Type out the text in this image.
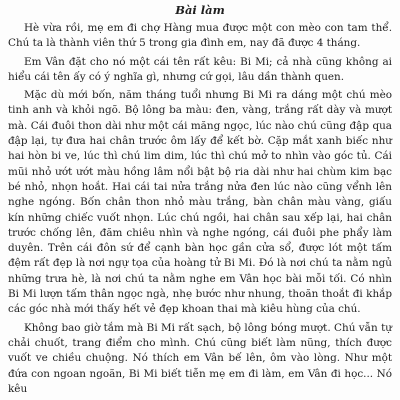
Bài làm

Hè vừa rồi, mẹ em đi chợ Hàng mua được một con mèo con tam thể. Chú ta là thành viên thứ 5 trong gia đình em, nay đã được 4 tháng.

Em Vân đặt cho nó một cái tên rất kêu: Bi Mi; cả nhà cũng không ai hiểu cái tên ấy có ý nghĩa gì, nhưng cứ gọi, lâu dần thành quen.

Mặc dù mới bốn, năm tháng tuổi nhưng Bi Mi ra dáng một chú mèo tinh anh và khỏi ngõ. Bộ lông ba màu: đen, vàng, trắng rất dày và mượt mà. Cái đuôi thon dài như một cái măng ngọc, lúc nào chú cũng đập qua đập lại, tự đưa hai chân trước ôm lấy để kết bờ. Cặp mắt xanh biếc như hai hòn bi ve, lúc thì chú lim dim, lúc thì chú mở to nhìn vào góc tủ. Cái mũi nhỏ ướt ướt màu hồng lâm nổi bật bộ ria dài như hai chùm kim bạc bé nhỏ, nhọn hoắt. Hai cái tai nửa trắng nửa đen lúc nào cũng vểnh lên nghe ngóng. Bốn chân thon nhỏ màu trắng, bàn chân màu vàng, giấu kín những chiếc vuốt nhọn. Lúc chú ngồi, hai chân sau xếp lại, hai chân trước chống lên, đăm chiêu nhìn và nghe ngóng, cái đuôi phe phẩy làm duyên. Trên cái đôn sứ để cạnh bàn học gần cửa sổ, được lót một tấm đệm rất đẹp là nơi ngự tọa của hoàng tử Bi Mi. Đó là nơi chú ta nằm ngủ những trưa hè, là nơi chú ta nằm nghe em Vân học bài mỗi tối. Có nhìn Bi Mi lượn tấm thân ngọc ngà, nhẹ bước như nhung, thoăn thoắt đi khắp các góc nhà mới thấy hết vẻ đẹp khoan thai mà kiêu hùng của chú.

Không bao giờ tắm mà Bi Mi rất sạch, bộ lông bóng mượt. Chú vẫn tự chải chuốt, trang điểm cho mình. Chú cũng biết làm nũng, thích được vuốt ve chiều chuộng. Nó thích em Vân bế lên, ôm vào lòng. Như một đứa con ngoan ngoãn, Bi Mi biết tiễn mẹ em đi làm, em Vân đi học... Nó kêu
